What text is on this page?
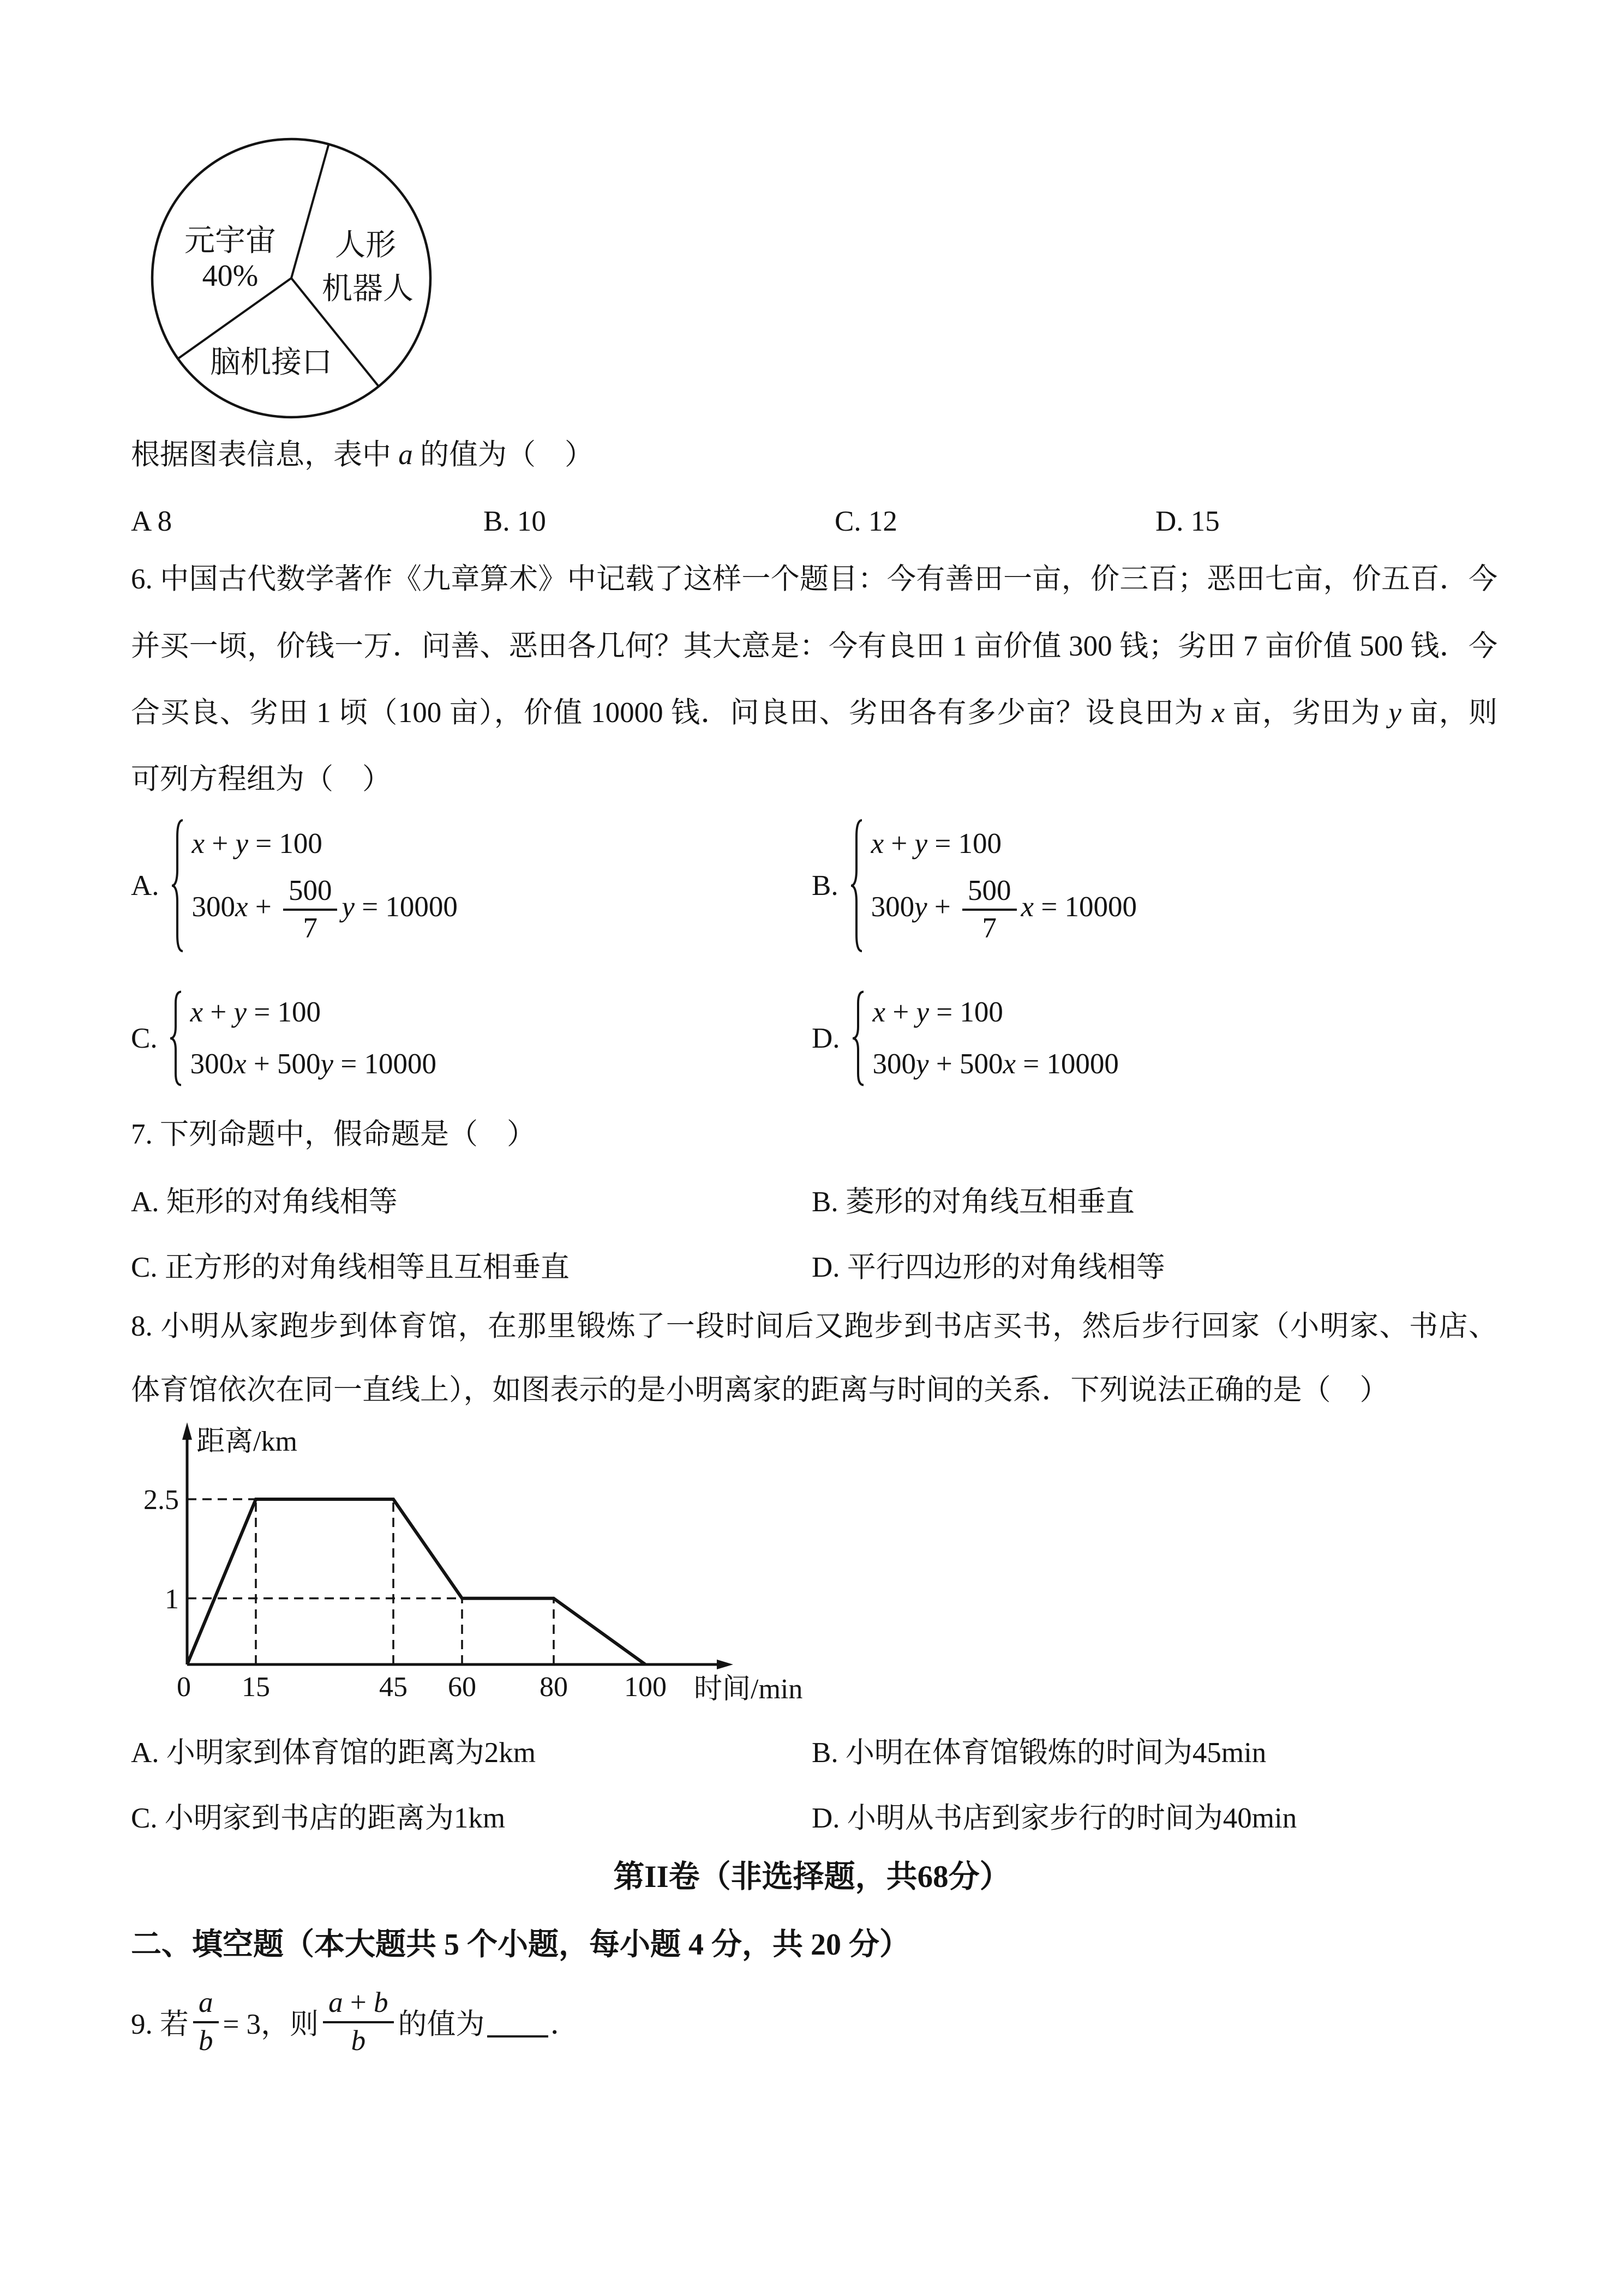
元宇宙
40%
人形
机器人
脑机接口
根据图表信息，表中 a 的值为（　）
A 8	B. 10	C. 12	D. 15
6. 中国古代数学著作《九章算术》中记载了这样一个题目：今有善田一亩，价三百；恶田七亩，价五百．今
并买一顷，价钱一万．问善、恶田各几何？其大意是：今有良田 1 亩价值 300 钱；劣田 7 亩价值 500 钱．今
合买良、劣田 1 顷（100 亩），价值 10000 钱．问良田、劣田各有多少亩？设良田为 x 亩，劣田为 y 亩，则
可列方程组为（　）
A.
x + y = 100
$300x + \frac{500}{7}$ y = 10000
B.
x + y = 100
$300y + \frac{500}{7}$ x = 10000
C.
x + y = 100
300x + 500y = 10000
D.
x + y = 100
300y + 500x = 10000
7. 下列命题中，假命题是（　）
A. 矩形的对角线相等	B. 菱形的对角线互相垂直
C. 正方形的对角线相等且互相垂直	D. 平行四边形的对角线相等
8. 小明从家跑步到体育馆，在那里锻炼了一段时间后又跑步到书店买书，然后步行回家（小明家、书店、
体育馆依次在同一直线上），如图表示的是小明离家的距离与时间的关系．下列说法正确的是（　）
0 15	45 60 80 100
1
2.5
距离/km
时间/min
A. 小明家到体育馆的距离为2km	B. 小明在体育馆锻炼的时间为45min
C. 小明家到书店的距离为1km	D. 小明从书店到家步行的时间为40min
第II卷（非选择题，共68分）
二、填空题（本大题共 5 个小题，每小题 4 分，共 20 分）
9. 若 $\frac{a}{b} = 3$，则 $\frac{a + b}{b}$ 的值为 ．
